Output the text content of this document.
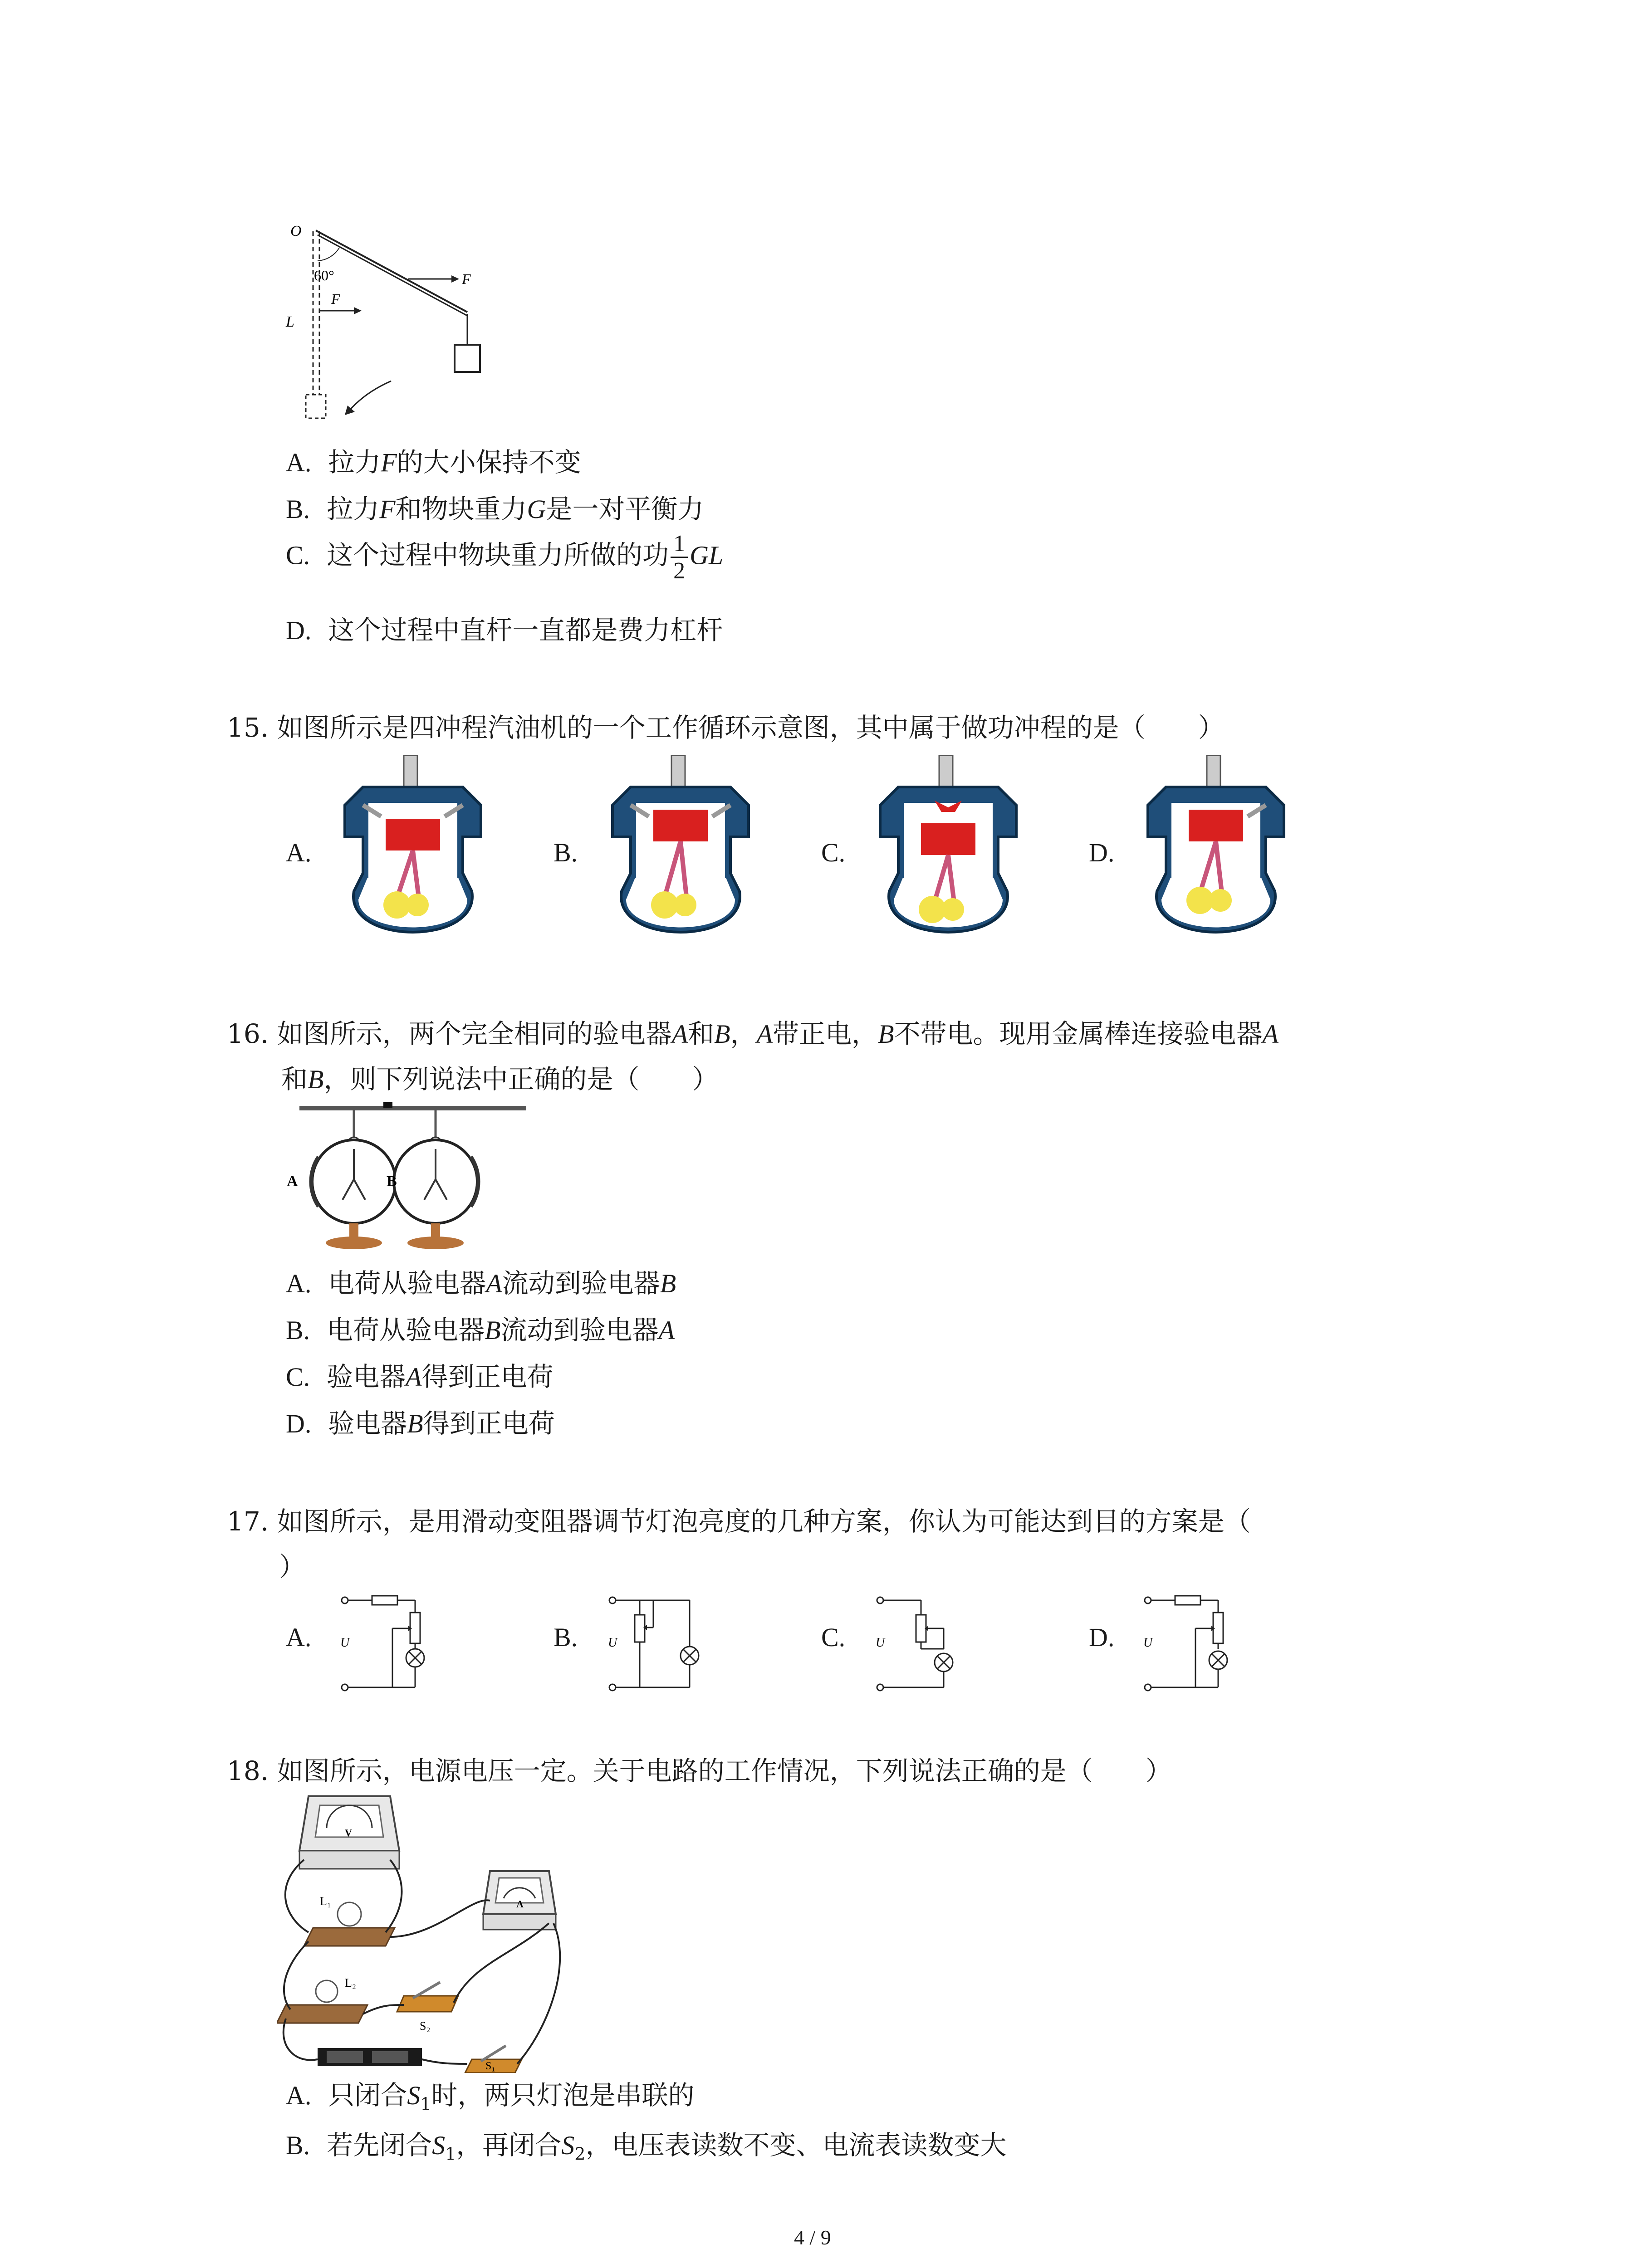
O
60°
L
F
F
A. 拉力F的大小保持不变
B. 拉力F和物块重力G是一对平衡力
C. 这个过程中物块重力所做的功 $\frac{1}{2}$ GL
D. 这个过程中直杆一直都是费力杠杆
15. 如图所示是四冲程汽油机的一个工作循环示意图，其中属于做功冲程的是（　　）
A.	B.	C.	D.
16. 如图所示，两个完全相同的验电器A和B，A带正电，B不带电。现用金属棒连接验电器A
和B，则下列说法中正确的是（　　）
A	B
A. 电荷从验电器A流动到验电器B
B. 电荷从验电器B流动到验电器A
C. 验电器A得到正电荷
D. 验电器B得到正电荷
17. 如图所示，是用滑动变阻器调节灯泡亮度的几种方案，你认为可能达到目的方案是（
）
A.	B.	C.	D.
U	U	U	U
18. 如图所示，电源电压一定。关于电路的工作情况，下列说法正确的是（　　）
V
A
L₁
L₂
S₂
S₁
A. 只闭合$S_1$时，两只灯泡是串联的
B. 若先闭合$S_1$，再闭合$S_2$，电压表读数不变、电流表读数变大
4 / 9
